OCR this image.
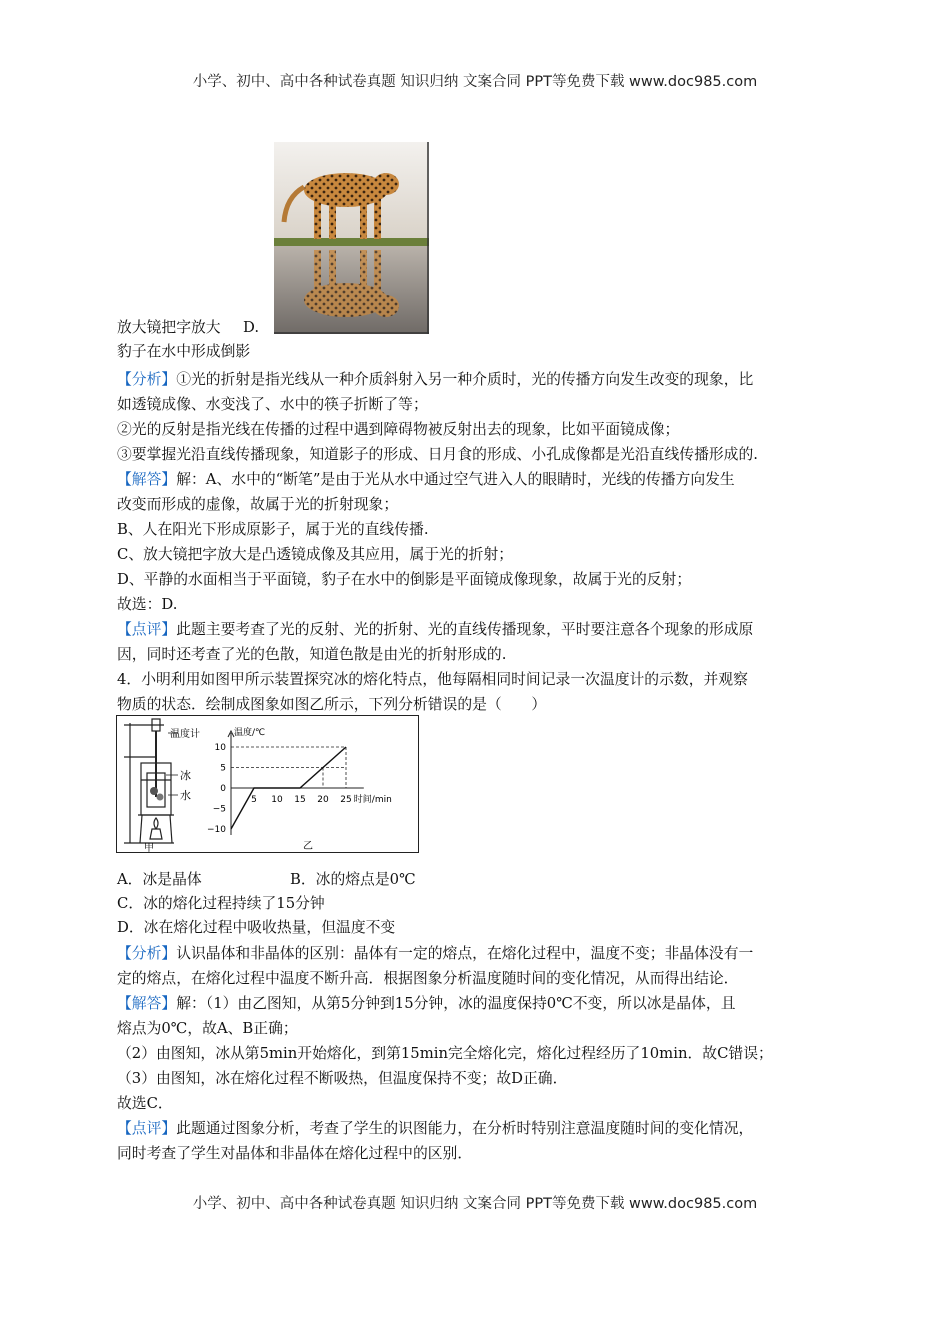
小学、初中、高中各种试卷真题 知识归纳 文案合同 PPT等免费下载 www.doc985.com
放大镜把字放大	D.
豹子在水中形成倒影
【分析】①光的折射是指光线从一种介质斜射入另一种介质时，光的传播方向发生改变的现象，比
如透镜成像、水变浅了、水中的筷子折断了等；
②光的反射是指光线在传播的过程中遇到障碍物被反射出去的现象，比如平面镜成像；
③要掌握光沿直线传播现象，知道影子的形成、日月食的形成、小孔成像都是光沿直线传播形成的.
【解答】解：A、水中的“断笔”是由于光从水中通过空气进入人的眼睛时，光线的传播方向发生
改变而形成的虚像，故属于光的折射现象；
B、人在阳光下形成原影子，属于光的直线传播.
C、放大镜把字放大是凸透镜成像及其应用，属于光的折射；
D、平静的水面相当于平面镜，豹子在水中的倒影是平面镜成像现象，故属于光的反射；
故选：D.
【点评】此题主要考查了光的反射、光的折射、光的直线传播现象，平时要注意各个现象的形成原
因，同时还考查了光的色散，知道色散是由光的折射形成的.
4．小明利用如图甲所示装置探究冰的熔化特点，他每隔相同时间记录一次温度计的示数，并观察
物质的状态．绘制成图象如图乙所示，下列分析错误的是（　　）
温度计
冰
水
甲
温度/℃
时间/min
10
5
0
−5
−10
5 10 15 20 25
乙
A．冰是晶体	B．冰的熔点是0℃
C．冰的熔化过程持续了15分钟
D．冰在熔化过程中吸收热量，但温度不变
【分析】认识晶体和非晶体的区别：晶体有一定的熔点，在熔化过程中，温度不变；非晶体没有一
定的熔点，在熔化过程中温度不断升高．根据图象分析温度随时间的变化情况，从而得出结论．
【解答】解：（1）由乙图知，从第5分钟到15分钟，冰的温度保持0℃不变，所以冰是晶体，且
熔点为0℃，故A、B正确；
（2）由图知，冰从第5min开始熔化，到第15min完全熔化完，熔化过程经历了10min．故C错误；
（3）由图知，冰在熔化过程不断吸热，但温度保持不变；故D正确．
故选C．
【点评】此题通过图象分析，考查了学生的识图能力，在分析时特别注意温度随时间的变化情况，
同时考查了学生对晶体和非晶体在熔化过程中的区别．
小学、初中、高中各种试卷真题 知识归纳 文案合同 PPT等免费下载 www.doc985.com
